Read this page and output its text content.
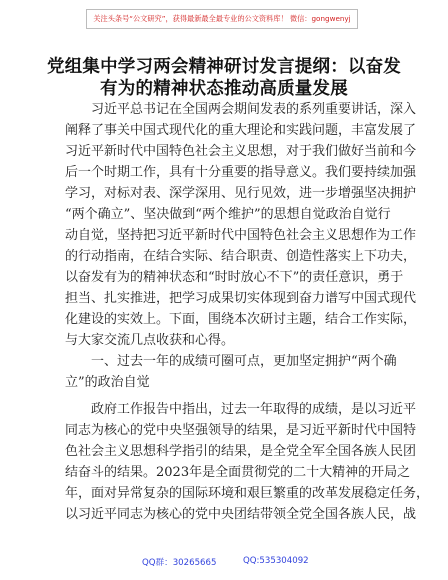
关注头条号“公文研究”，获得最新最全最专业的公文资料库！ 微信：gongwenyj
党组集中学习两会精神研讨发言提纲：以奋发
有为的精神状态推动高质量发展
习近平总书记在全国两会期间发表的系列重要讲话，深入
阐释了事关中国式现代化的重大理论和实践问题，丰富发展了
习近平新时代中国特色社会主义思想，对于我们做好当前和今
后一个时期工作，具有十分重要的指导意义。我们要持续加强
学习，对标对表、深学深用、见行见效，进一步增强坚决拥护
“两个确立”、坚决做到“两个维护”的思想自觉政治自觉行
动自觉，坚持把习近平新时代中国特色社会主义思想作为工作
的行动指南，在结合实际、结合职责、创造性落实上下功夫，
以奋发有为的精神状态和“时时放心不下”的责任意识，勇于
担当、扎实推进，把学习成果切实体现到奋力谱写中国式现代
化建设的实效上。下面，围绕本次研讨主题，结合工作实际，
与大家交流几点收获和心得。
一、过去一年的成绩可圈可点，更加坚定拥护“两个确
立”的政治自觉
政府工作报告中指出，过去一年取得的成绩，是以习近平
同志为核心的党中央坚强领导的结果，是习近平新时代中国特
色社会主义思想科学指引的结果，是全党全军全国各族人民团
结奋斗的结果。2023年是全面贯彻党的二十大精神的开局之
年，面对异常复杂的国际环境和艰巨繁重的改革发展稳定任务，
以习近平同志为核心的党中央团结带领全党全国各族人民，战
QQ群：30265665	QQ:535304092
